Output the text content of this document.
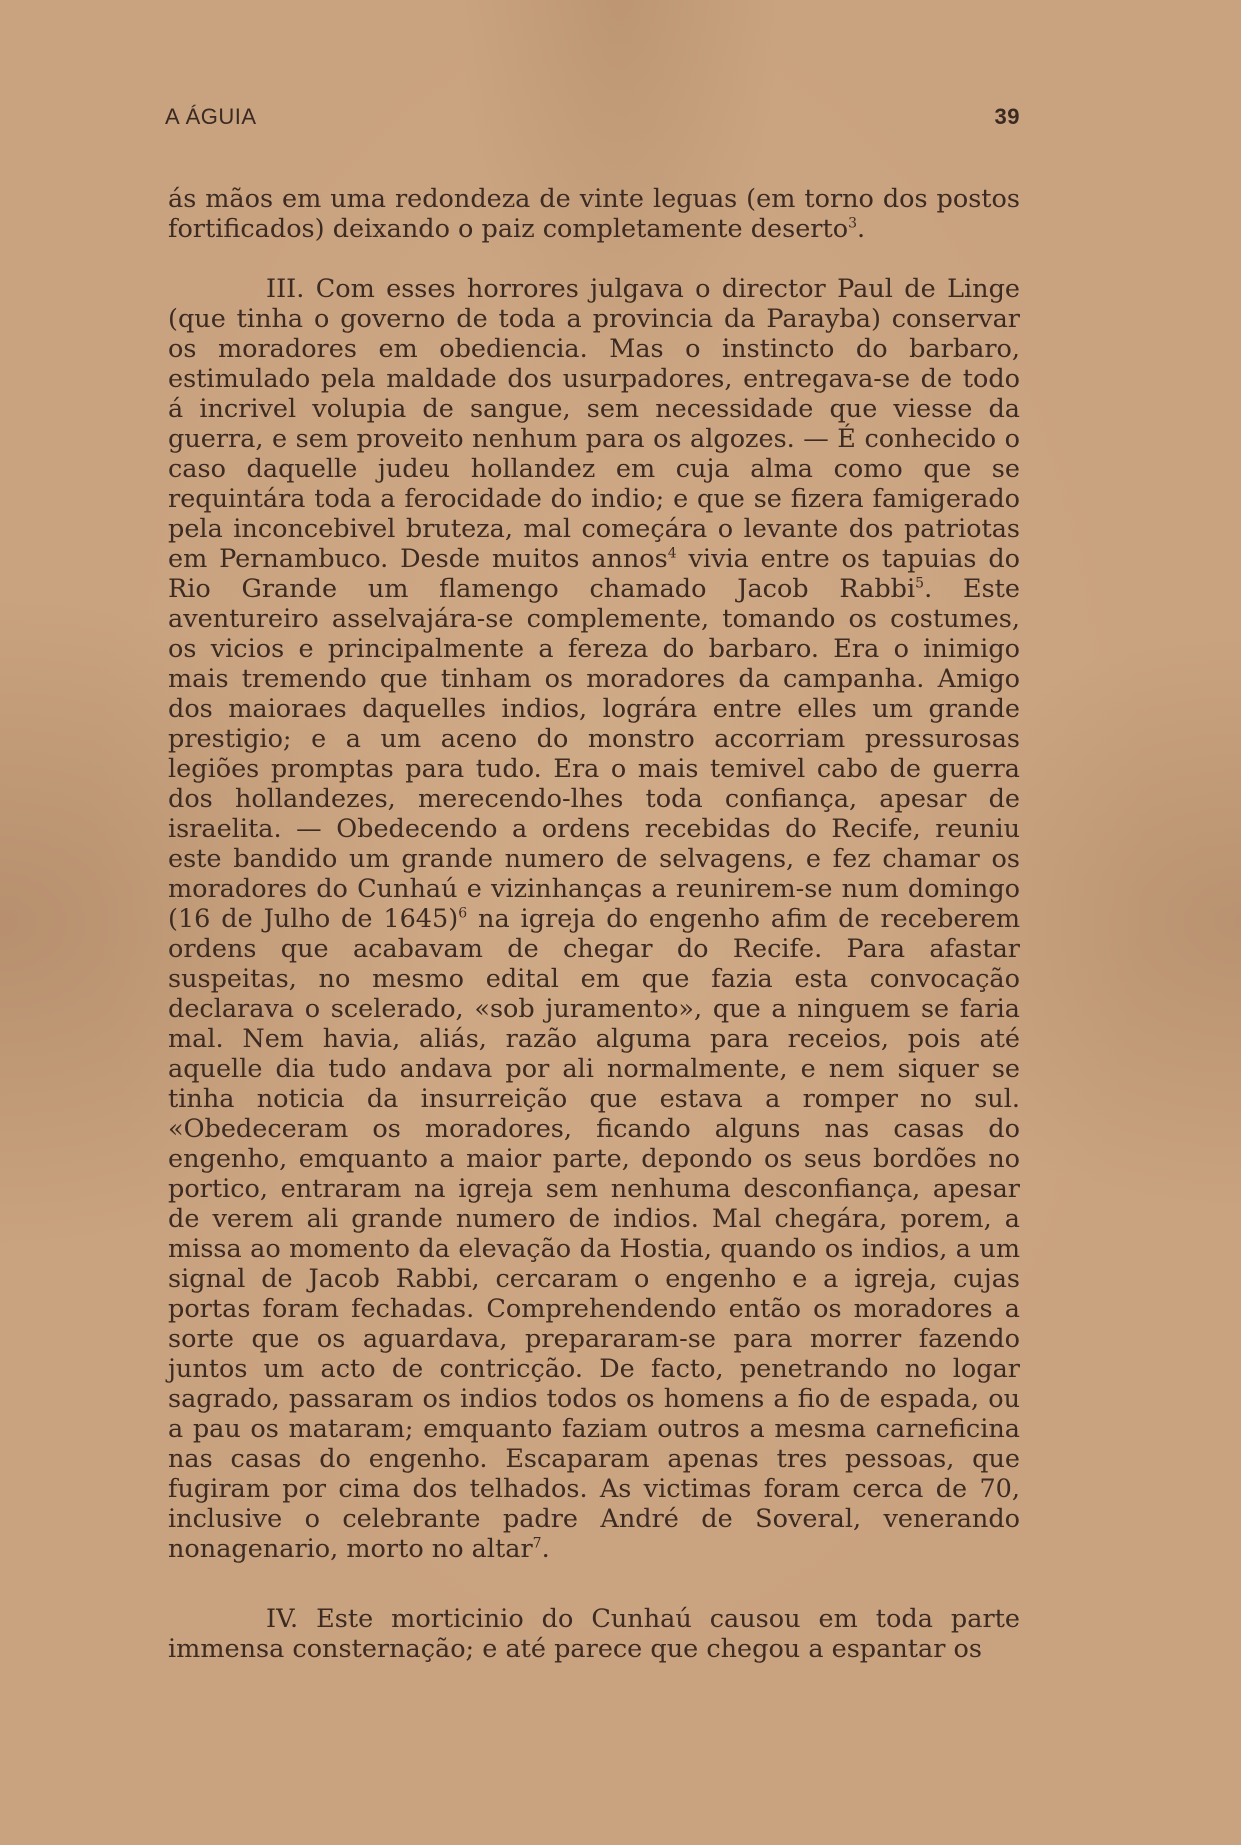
A ÁGUIA	39

ás mãos em uma redondeza de vinte leguas (em torno dos postos fortificados) deixando o paiz completamente deserto$^3$.

III. Com esses horrores julgava o director Paul de Linge (que tinha o governo de toda a provincia da Parayba) conservar os moradores em obediencia. Mas o instincto do barbaro, estimulado pela maldade dos usurpadores, entregava-se de todo á incrivel volupia de sangue, sem necessidade que viesse da guerra, e sem proveito nenhum para os algozes. — É conhecido o caso daquelle judeu hollandez em cuja alma como que se requintára toda a ferocidade do indio; e que se fizera famigerado pela inconcebivel bruteza, mal começára o levante dos patriotas em Pernambuco. Desde muitos annos$^4$ vivia entre os tapuias do Rio Grande um flamengo chamado Jacob Rabbi$^5$. Este aventureiro asselvajára-se complemente, tomando os costumes, os vicios e principalmente a fereza do barbaro. Era o inimigo mais tremendo que tinham os moradores da campanha. Amigo dos maioraes daquelles indios, lográra entre elles um grande prestigio; e a um aceno do monstro accorriam pressurosas legiões promptas para tudo. Era o mais temivel cabo de guerra dos hollandezes, merecendo-lhes toda confiança, apesar de israelita. — Obedecendo a ordens recebidas do Recife, reuniu este bandido um grande numero de selvagens, e fez chamar os moradores do Cunhaú e vizinhanças a reunirem-se num domingo (16 de Julho de 1645)$^6$ na igreja do engenho afim de receberem ordens que acabavam de chegar do Recife. Para afastar suspeitas, no mesmo edital em que fazia esta convocação declarava o scelerado, «sob juramento», que a ninguem se faria mal. Nem havia, aliás, razão alguma para receios, pois até aquelle dia tudo andava por ali normalmente, e nem siquer se tinha noticia da insurreição que estava a romper no sul. «Obedeceram os moradores, ficando alguns nas casas do engenho, emquanto a maior parte, depondo os seus bordões no portico, entraram na igreja sem nenhuma desconfiança, apesar de verem ali grande numero de indios. Mal chegára, porem, a missa ao momento da elevação da Hostia, quando os indios, a um signal de Jacob Rabbi, cercaram o engenho e a igreja, cujas portas foram fechadas. Comprehendendo então os moradores a sorte que os aguardava, prepararam-se para morrer fazendo juntos um acto de contricção. De facto, penetrando no logar sagrado, passaram os indios todos os homens a fio de espada, ou a pau os mataram; emquanto faziam outros a mesma carneficina nas casas do engenho. Escaparam apenas tres pessoas, que fugiram por cima dos telhados. As victimas foram cerca de 70, inclusive o celebrante padre André de Soveral, venerando nonagenario, morto no altar$^7$.

IV. Este morticinio do Cunhaú causou em toda parte immensa consternação; e até parece que chegou a espantar os
